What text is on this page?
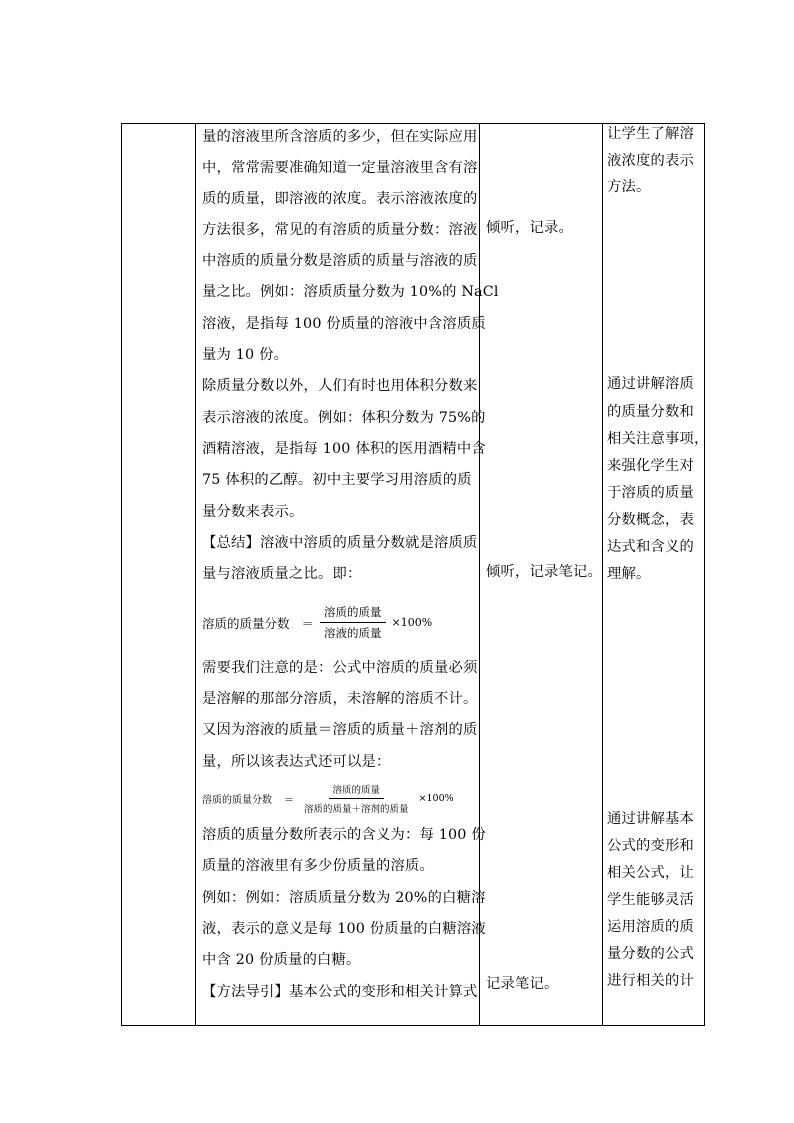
量的溶液里所含溶质的多少，但在实际应用
中，常常需要准确知道一定量溶液里含有溶
质的质量，即溶液的浓度。表示溶液浓度的
方法很多，常见的有溶质的质量分数：溶液
中溶质的质量分数是溶质的质量与溶液的质
量之比。例如：溶质质量分数为 10%的 NaCl
溶液，是指每 100 份质量的溶液中含溶质质
量为 10 份。
除质量分数以外，人们有时也用体积分数来
表示溶液的浓度。例如：体积分数为 75%的
酒精溶液，是指每 100 体积的医用酒精中含
75 体积的乙醇。初中主要学习用溶质的质
量分数来表示。
【总结】溶液中溶质的质量分数就是溶质质
量与溶液质量之比。即：
溶质的质量分数 ＝ $\frac{\text{溶质的质量}}{\text{溶液的质量}} \times 100\%$
需要我们注意的是：公式中溶质的质量必须
是溶解的那部分溶质，未溶解的溶质不计。
又因为溶液的质量＝溶质的质量＋溶剂的质
量，所以该表达式还可以是：
溶质的质量分数	＝ $\frac{\text{溶质的质量}}{\text{溶质的质量＋溶剂的质量}} \times 100\%$
溶质的质量分数所表示的含义为：每 100 份
质量的溶液里有多少份质量的溶质。
例如：例如：溶质质量分数为 20%的白糖溶
液，表示的意义是每 100 份质量的白糖溶液
中含 20 份质量的白糖。
【方法导引】基本公式的变形和相关计算式
倾听，记录。
倾听，记录笔记。
记录笔记。
让学生了解溶
液浓度的表示
方法。
通过讲解溶质
的质量分数和
相关注意事项，
来强化学生对
于溶质的质量
分数概念，表
达式和含义的
理解。
通过讲解基本
公式的变形和
相关公式，让
学生能够灵活
运用溶质的质
量分数的公式
进行相关的计
